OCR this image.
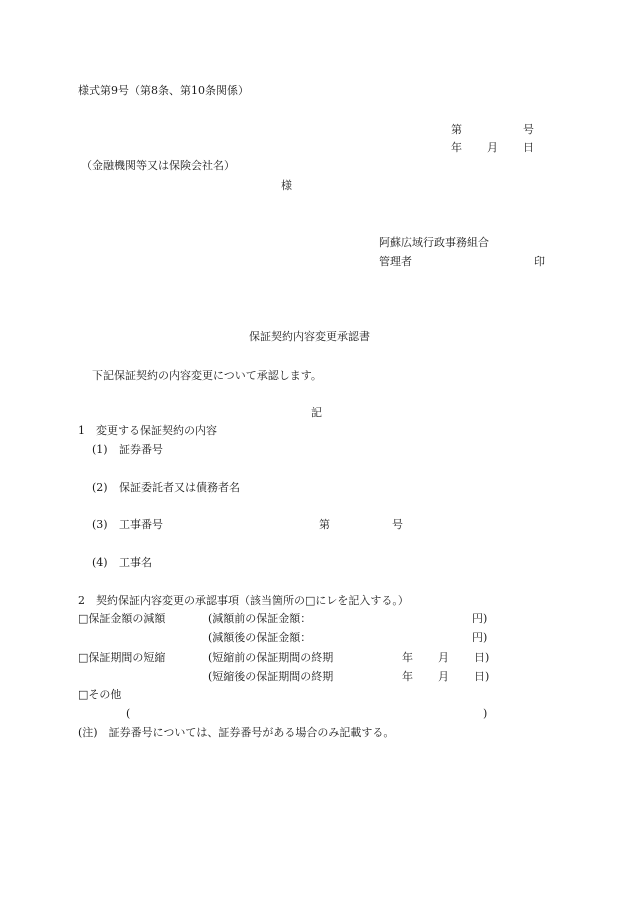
様式第9号（第8条、第10条関係）
第	号
年 月 日
（金融機関等又は保険会社名）
様
阿蘇広域行政事務組合
管理者	印
保証契約内容変更承認書
下記保証契約の内容変更について承認します。
記
1　変更する保証契約の内容
(1) 証券番号
(2) 保証委託者又は債務者名
(3) 工事番号	第	号
(4) 工事名
2　契約保証内容変更の承認事項（該当箇所の□にレを記入する。）
□保証金額の減額	(減額前の保証金額：	円)
(減額後の保証金額：	円)
□保証期間の短縮	(短縮前の保証期間の終期	年 月 日)
(短縮後の保証期間の終期	年 月 日)
□その他
(	)
(注)　証券番号については、証券番号がある場合のみ記載する。
